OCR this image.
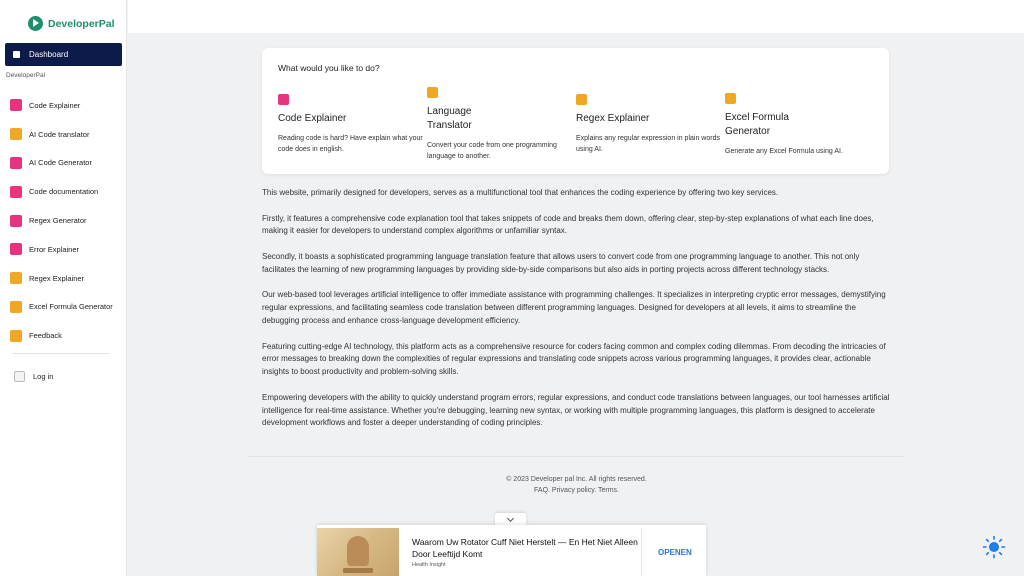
DeveloperPal
Dashboard
DeveloperPal
Code Explainer
AI Code translator
AI Code Generator
Code documentation
Regex Generator
Error Explainer
Regex Explainer
Excel Formula Generator
Feedback
Log in
What would you like to do?
Code Explainer
Reading code is hard? Have explain what your code does in english.
Language Translator
Convert your code from one programming language to another.
Regex Explainer
Explains any regular expression in plain words using AI.
Excel Formula Generator
Generate any Excel Formula using AI.

This website, primarily designed for developers, serves as a multifunctional tool that enhances the coding experience by offering two key services.

Firstly, it features a comprehensive code explanation tool that takes snippets of code and breaks them down, offering clear, step-by-step explanations of what each line does, making it easier for developers to understand complex algorithms or unfamiliar syntax.

Secondly, it boasts a sophisticated programming language translation feature that allows users to convert code from one programming language to another. This not only facilitates the learning of new programming languages by providing side-by-side comparisons but also aids in porting projects across different technology stacks.

Our web-based tool leverages artificial intelligence to offer immediate assistance with programming challenges. It specializes in interpreting cryptic error messages, demystifying regular expressions, and facilitating seamless code translation between different programming languages. Designed for developers at all levels, it aims to streamline the debugging process and enhance cross-language development efficiency.

Featuring cutting-edge AI technology, this platform acts as a comprehensive resource for coders facing common and complex coding dilemmas. From decoding the intricacies of error messages to breaking down the complexities of regular expressions and translating code snippets across various programming languages, it provides clear, actionable insights to boost productivity and problem-solving skills.

Empowering developers with the ability to quickly understand program errors, regular expressions, and conduct code translations between languages, our tool harnesses artificial intelligence for real-time assistance. Whether you're debugging, learning new syntax, or working with multiple programming languages, this platform is designed to accelerate development workflows and foster a deeper understanding of coding principles.

© 2023 Developer pal Inc. All rights reserved.
FAQ. Privacy policy. Terms.
Waarom Uw Rotator Cuff Niet Herstelt — En Het Niet Alleen Door Leeftijd Komt
Health Insight
OPENEN
